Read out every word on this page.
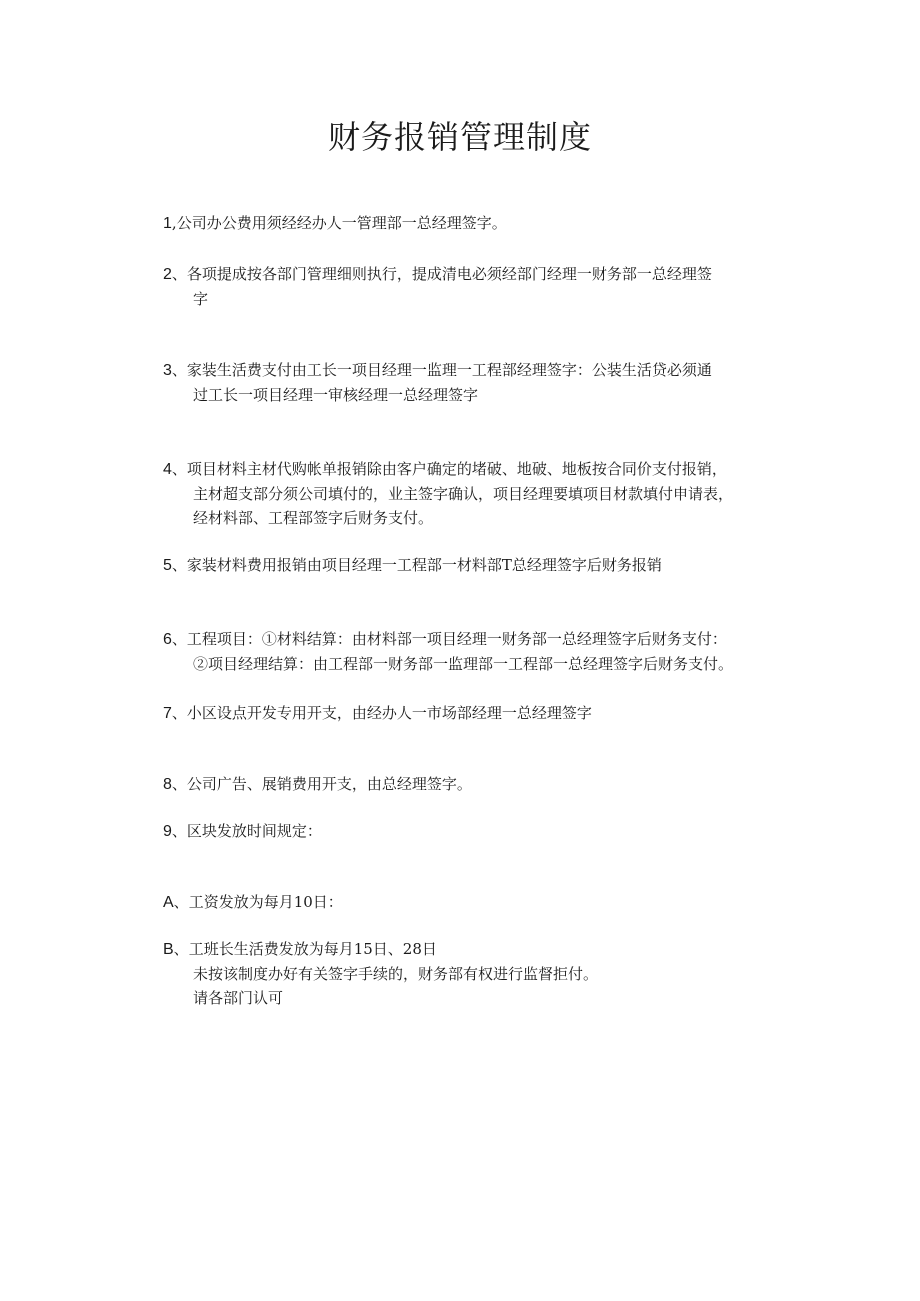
财务报销管理制度
1,公司办公费用须经经办人一管理部一总经理签字。
2、各项提成按各部门管理细则执行，提成清电必须经部门经理一财务部一总经理签
字
3、家装生活费支付由工长一项目经理一监理一工程部经理签字：公装生活贷必须通
过工长一项目经理一审核经理一总经理签字
4、项目材料主材代购帐单报销除由客户确定的堵破、地破、地板按合同价支付报销，
主材超支部分须公司填付的，业主签字确认，项目经理要填项目材款填付申请表，
经材料部、工程部签字后财务支付。
5、家装材料费用报销由项目经理一工程部一材料部T总经理签字后财务报销
6、工程项目：①材料结算：由材料部一项目经理一财务部一总经理签字后财务支付：
②项目经理结算：由工程部一财务部一监理部一工程部一总经理签字后财务支付。
7、小区设点开发专用开支，由经办人一市场部经理一总经理签字
8、公司广告、展销费用开支，由总经理签字。
9、区块发放时间规定：
A、工资发放为每月10日：
B、工班长生活费发放为每月15日、28日
未按该制度办好有关签字手续的，财务部有权进行监督拒付。
请各部门认可
